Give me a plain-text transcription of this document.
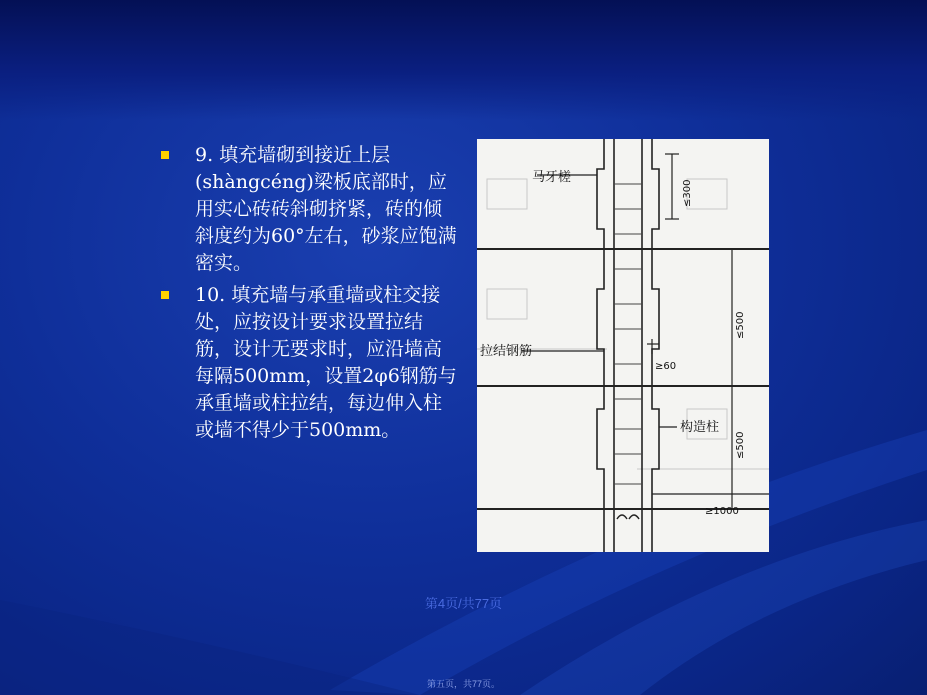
9. 填充墙砌到接近上层(shàngcéng)梁板底部时，应用实心砖砖斜砌挤紧，砖的倾斜度约为60°左右，砂浆应饱满密实。
10. 填充墙与承重墙或柱交接处，应按设计要求设置拉结筋，设计无要求时，应沿墙高每隔500mm，设置2φ6钢筋与承重墙或柱拉结，每边伸入柱或墙不得少于500mm。
马牙槎
拉结钢筋
构造柱
≥60
≥1000
≤300
≤500
≤500
第4页/共77页
第五页，共77页。
